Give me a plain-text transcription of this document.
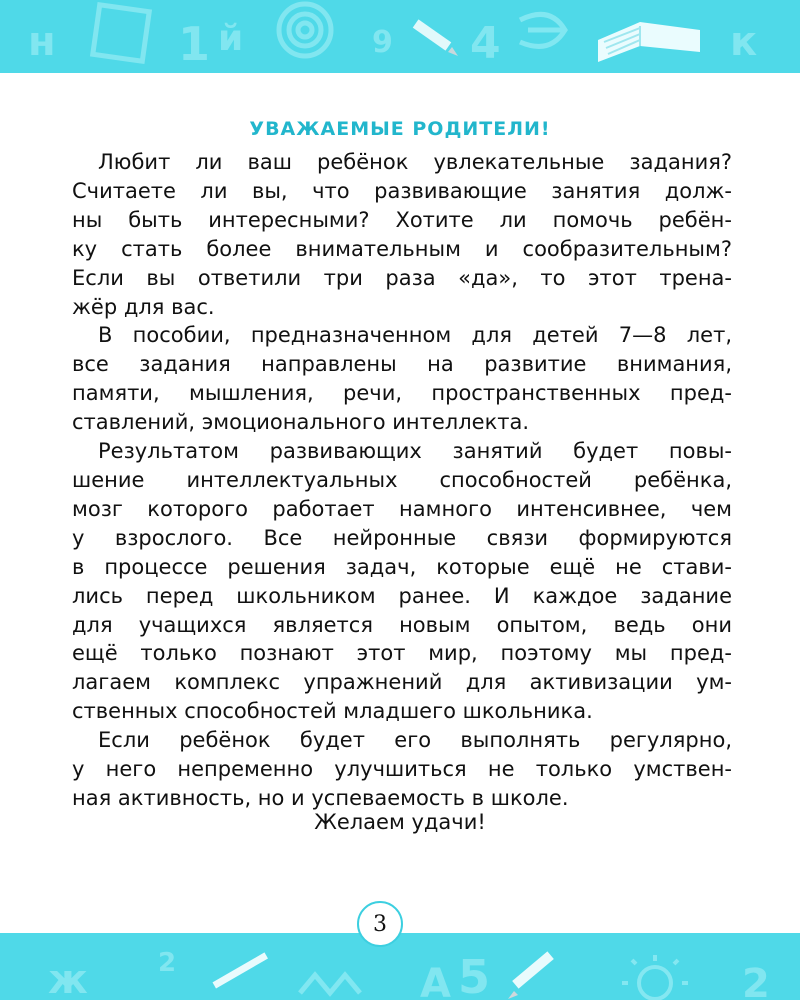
н	1 й	9 4	к
УВАЖАЕМЫЕ РОДИТЕЛИ!
Любит ли ваш ребёнок увлекательные задания?
Считаете ли вы, что развивающие занятия долж-
ны быть интересными? Хотите ли помочь ребён-
ку стать более внимательным и сообразительным?
Если вы ответили три раза «да», то этот трена-
жёр для вас.
В пособии, предназначенном для детей 7—8 лет,
все задания направлены на развитие внимания,
памяти, мышления, речи, пространственных пред-
ставлений, эмоционального интеллекта.
Результатом развивающих занятий будет повы-
шение интеллектуальных способностей ребёнка,
мозг которого работает намного интенсивнее, чем
у взрослого. Все нейронные связи формируются
в процессе решения задач, которые ещё не стави-
лись перед школьником ранее. И каждое задание
для учащихся является новым опытом, ведь они
ещё только познают этот мир, поэтому мы пред-
лагаем комплекс упражнений для активизации ум-
ственных способностей младшего школьника.
Если ребёнок будет его выполнять регулярно,
у него непременно улучшиться не только умствен-
ная активность, но и успеваемость в школе.
Желаем удачи!
ж	2	А 5	2
3
